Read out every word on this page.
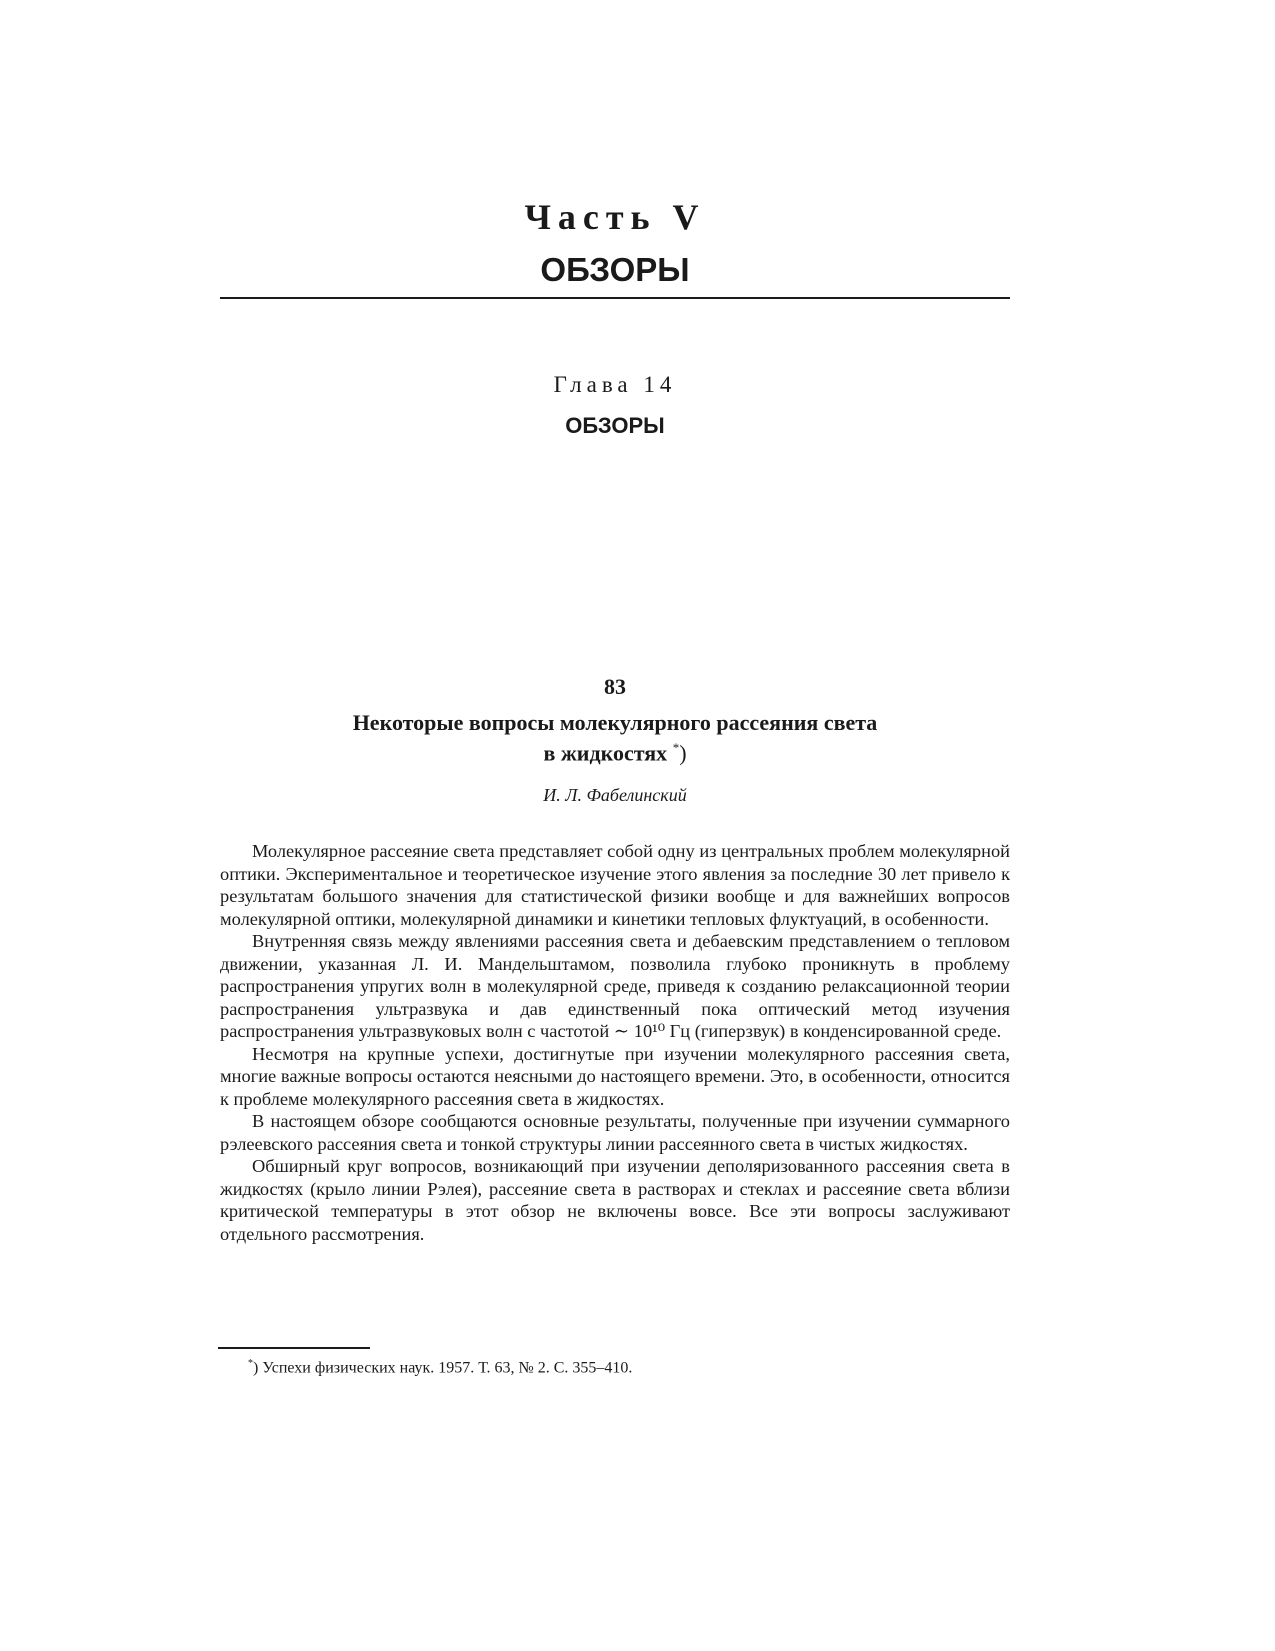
Часть V
ОБЗОРЫ
Глава 14
ОБЗОРЫ
83
Некоторые вопросы молекулярного рассеяния света
в жидкостях *)
И. Л. Фабелинский

Молекулярное рассеяние света представляет собой одну из центральных проблем молекулярной оптики. Экспериментальное и теоретическое изучение этого явления за последние 30 лет привело к результатам большого значения для статистической физики вообще и для важнейших вопросов молекулярной оптики, молекулярной динамики и кинетики тепловых флуктуаций, в особенности.

Внутренняя связь между явлениями рассеяния света и дебаевским представлением о тепловом движении, указанная Л. И. Мандельштамом, позволила глубоко проникнуть в проблему распространения упругих волн в молекулярной среде, приведя к созданию релаксационной теории распространения ультразвука и дав единственный пока оптический метод изучения распространения ультразвуковых волн с частотой ∼ 10¹⁰ Гц (гиперзвук) в конденсированной среде.

Несмотря на крупные успехи, достигнутые при изучении молекулярного рассеяния света, многие важные вопросы остаются неясными до настоящего времени. Это, в особенности, относится к проблеме молекулярного рассеяния света в жидкостях.

В настоящем обзоре сообщаются основные результаты, полученные при изучении суммарного рэлеевского рассеяния света и тонкой структуры линии рассеянного света в чистых жидкостях.

Обширный круг вопросов, возникающий при изучении деполяризованного рассеяния света в жидкостях (крыло линии Рэлея), рассеяние света в растворах и стеклах и рассеяние света вблизи критической температуры в этот обзор не включены вовсе. Все эти вопросы заслуживают отдельного рассмотрения.

*) Успехи физических наук. 1957. Т. 63, № 2. С. 355–410.
